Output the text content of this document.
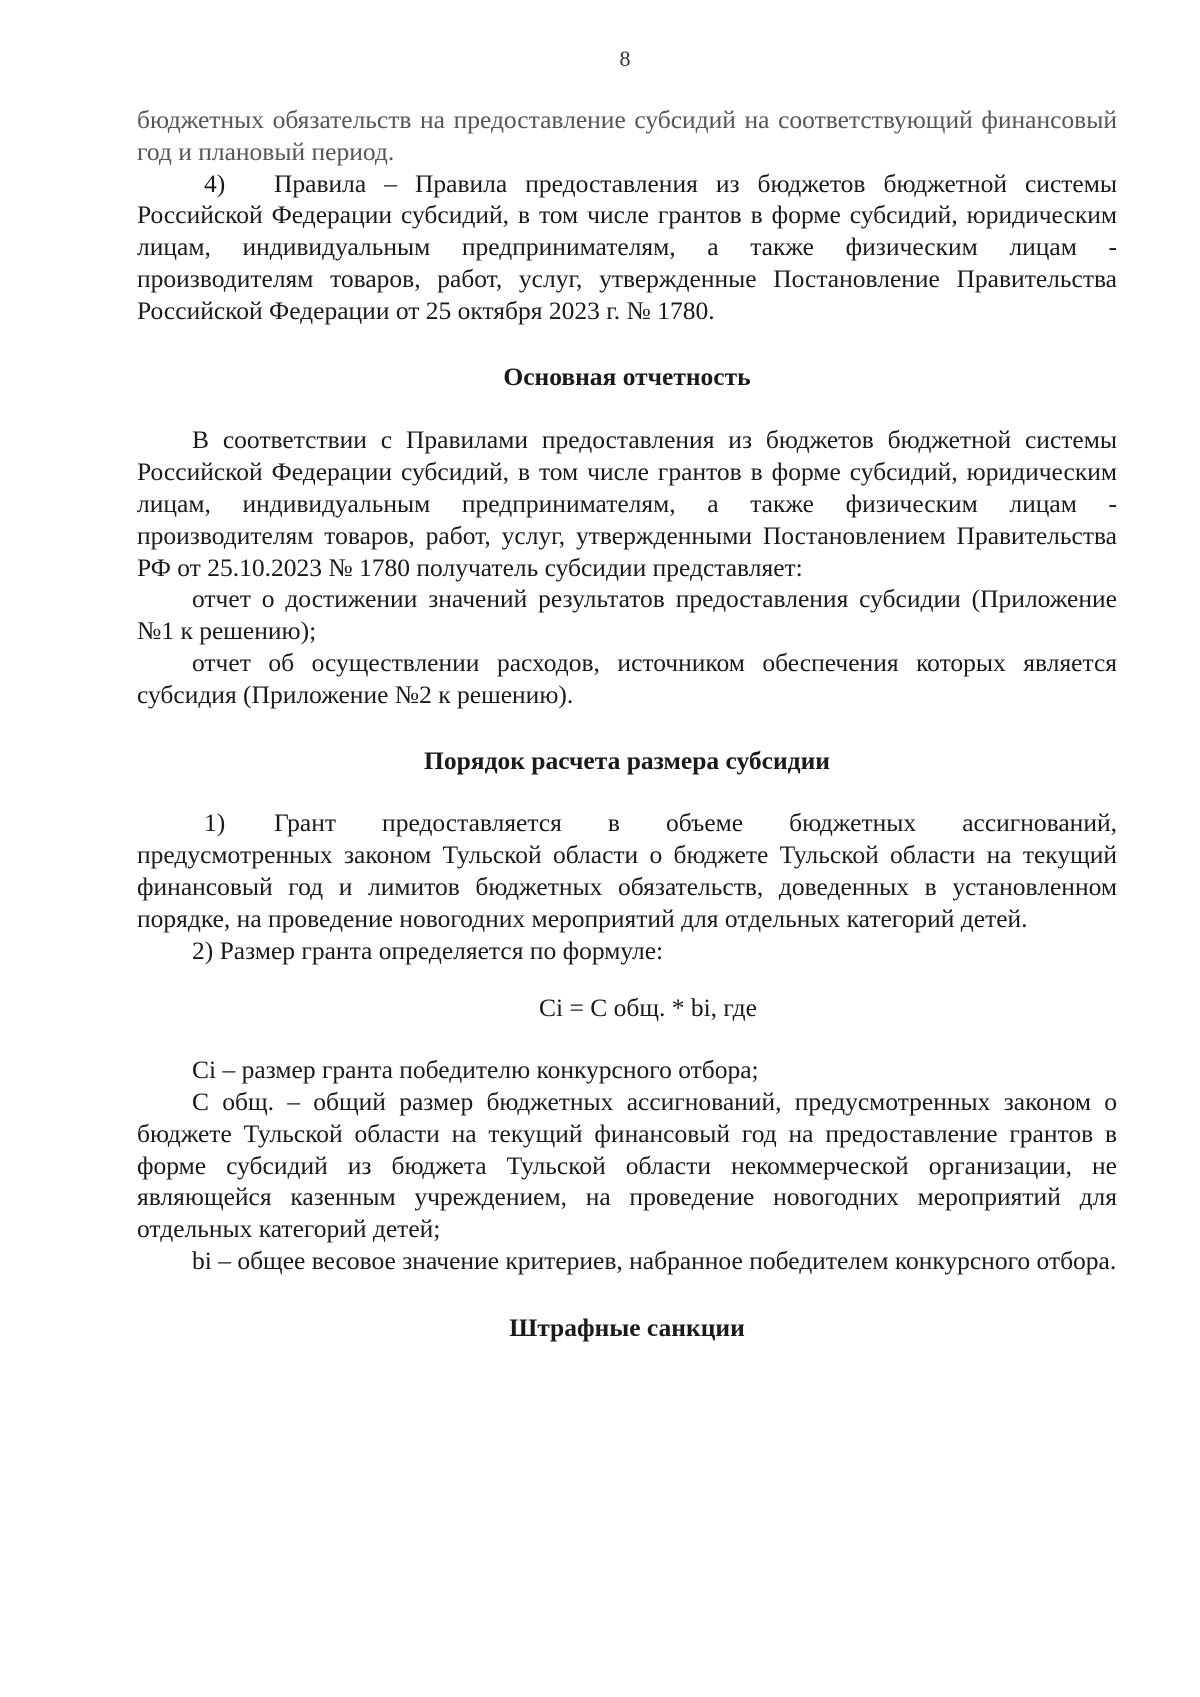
8

бюджетных обязательств на предоставление субсидий на соответствующий финансовый год и плановый период.

4) Правила – Правила предоставления из бюджетов бюджетной системы Российской Федерации субсидий, в том числе грантов в форме субсидий, юридическим лицам, индивидуальным предпринимателям, а также физическим лицам - производителям товаров, работ, услуг, утвержденные Постановление Правительства Российской Федерации от 25 октября 2023 г. № 1780.

Основная отчетность

В соответствии с Правилами предоставления из бюджетов бюджетной системы Российской Федерации субсидий, в том числе грантов в форме субсидий, юридическим лицам, индивидуальным предпринимателям, а также физическим лицам - производителям товаров, работ, услуг, утвержденными Постановлением Правительства РФ от 25.10.2023 № 1780 получатель субсидии представляет:

отчет о достижении значений результатов предоставления субсидии (Приложение №1 к решению);

отчет об осуществлении расходов, источником обеспечения которых является субсидия (Приложение №2 к решению).

Порядок расчета размера субсидии

1) Грант предоставляется в объеме бюджетных ассигнований, предусмотренных законом Тульской области о бюджете Тульской области на текущий финансовый год и лимитов бюджетных обязательств, доведенных в установленном порядке, на проведение новогодних мероприятий для отдельных категорий детей.

2) Размер гранта определяется по формуле:

Ci = С общ. * bi, где

Ci – размер гранта победителю конкурсного отбора;

С общ. – общий размер бюджетных ассигнований, предусмотренных законом о бюджете Тульской области на текущий финансовый год на предоставление грантов в форме субсидий из бюджета Тульской области некоммерческой организации, не являющейся казенным учреждением, на проведение новогодних мероприятий для отдельных категорий детей;

bi – общее весовое значение критериев, набранное победителем конкурсного отбора.

Штрафные санкции
